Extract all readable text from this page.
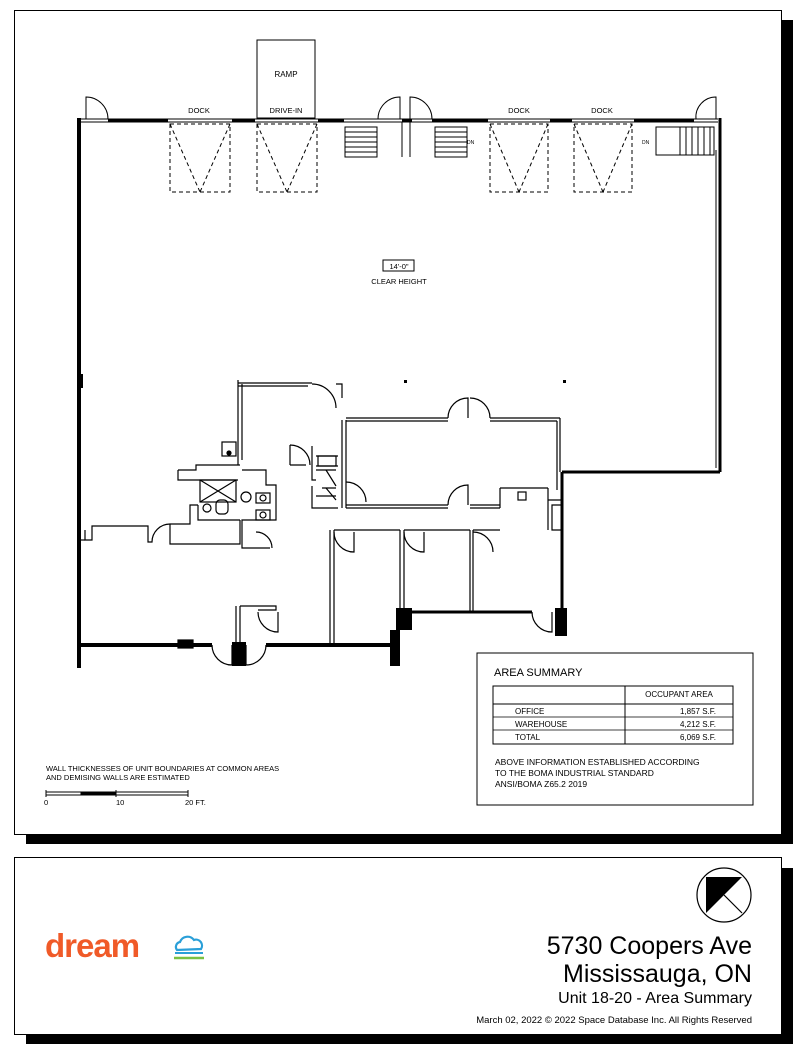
RAMP
DOCK	DRIVE-IN	DOCK	DOCK
DN	DN
DN
14'-0"
CLEAR HEIGHT
WALL THICKNESSES OF UNIT BOUNDARIES AT COMMON AREAS
AND DEMISING WALLS ARE ESTIMATED
0	10	20 FT.
AREA SUMMARY
OCCUPANT AREA
OFFICE	1,857 S.F.
WAREHOUSE	4,212 S.F.
TOTAL	6,069 S.F.
ABOVE INFORMATION ESTABLISHED ACCORDING
TO THE BOMA INDUSTRIAL STANDARD
ANSI/BOMA Z65.2 2019
dream	5730 Coopers Ave
Mississauga, ON
Unit 18-20 - Area Summary
March 02, 2022 © 2022 Space Database Inc. All Rights Reserved
